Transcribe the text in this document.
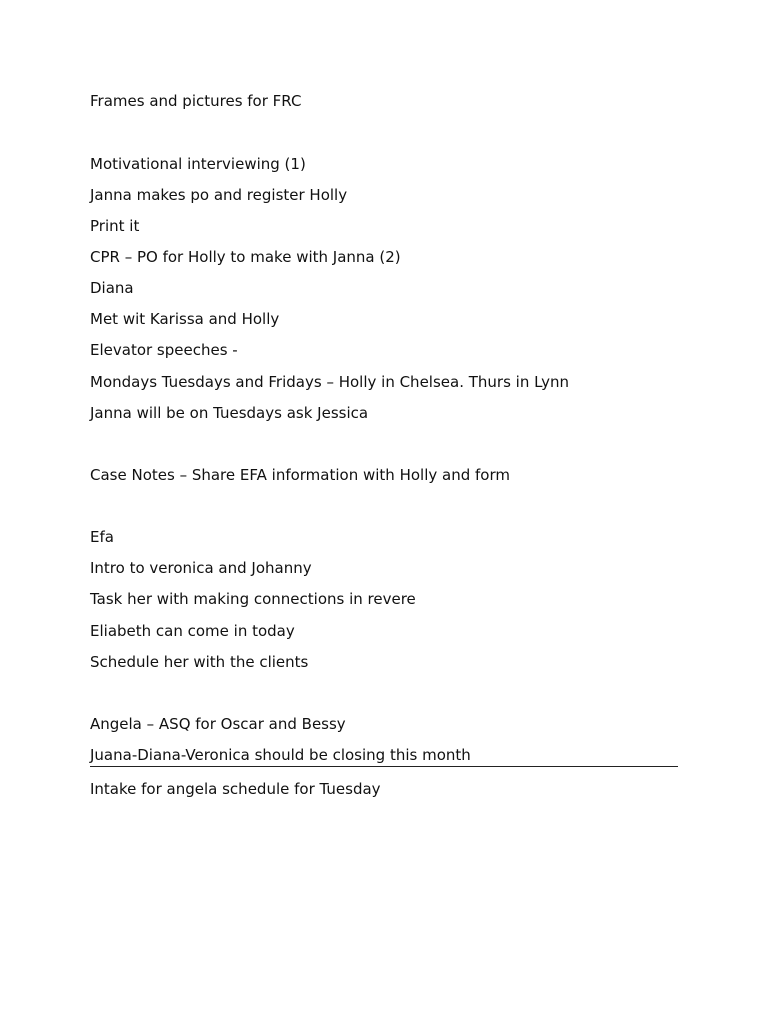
Frames and pictures for FRC
Motivational interviewing (1)
Janna makes po and register Holly
Print it
CPR – PO for Holly to make with Janna (2)
Diana
Met wit Karissa and Holly
Elevator speeches -
Mondays Tuesdays and Fridays – Holly in Chelsea. Thurs in Lynn
Janna will be on Tuesdays ask Jessica
Case Notes – Share EFA information with Holly and form
Efa
Intro to veronica and Johanny
Task her with making connections in revere
Eliabeth can come in today
Schedule her with the clients
Angela – ASQ for Oscar and Bessy
Juana-Diana-Veronica should be closing this month
Intake for angela schedule for Tuesday
